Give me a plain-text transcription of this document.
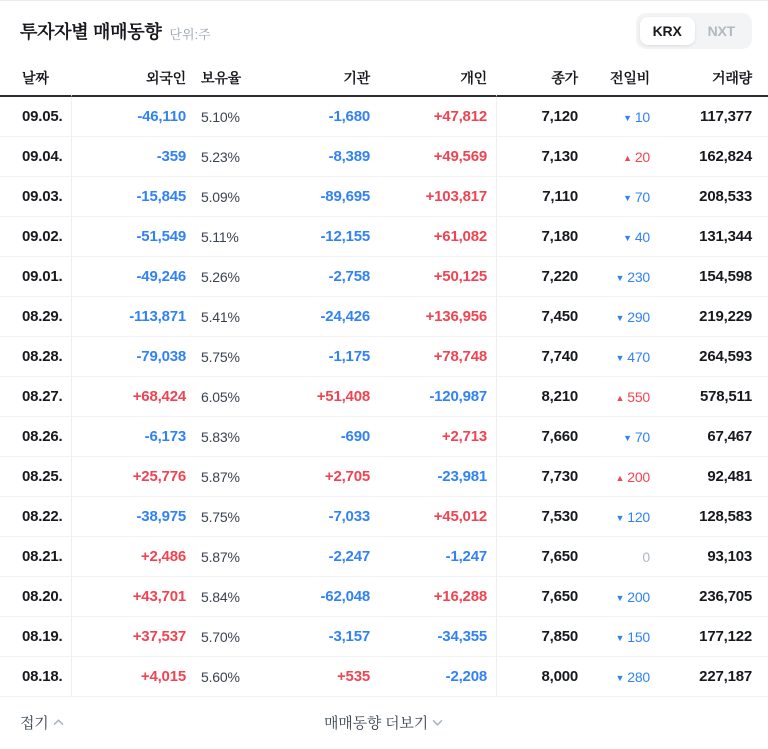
투자자별 매매동향 단위:주	KRX	NXT
날짜	외국인	보유율	기관	개인	종가	전일비	거래량
09.05.	-46,110	5.10%	-1,680	+47,812	7,120	▼ 10	117,377
09.04.	-359	5.23%	-8,389	+49,569	7,130	▲ 20	162,824
09.03.	-15,845	5.09%	-89,695	+103,817	7,110	▼ 70	208,533
09.02.	-51,549	5.11%	-12,155	+61,082	7,180	▼ 40	131,344
09.01.	-49,246	5.26%	-2,758	+50,125	7,220	▼ 230	154,598
08.29.	-113,871	5.41%	-24,426	+136,956	7,450	▼ 290	219,229
08.28.	-79,038	5.75%	-1,175	+78,748	7,740	▼ 470	264,593
08.27.	+68,424	6.05%	+51,408	-120,987	8,210	▲ 550	578,511
08.26.	-6,173	5.83%	-690	+2,713	7,660	▼ 70	67,467
08.25.	+25,776	5.87%	+2,705	-23,981	7,730	▲ 200	92,481
08.22.	-38,975	5.75%	-7,033	+45,012	7,530	▼ 120	128,583
08.21.	+2,486	5.87%	-2,247	-1,247	7,650	0	93,103
08.20.	+43,701	5.84%	-62,048	+16,288	7,650	▼ 200	236,705
08.19.	+37,537	5.70%	-3,157	-34,355	7,850	▼ 150	177,122
08.18.	+4,015	5.60%	+535	-2,208	8,000	▼ 280	227,187
접기	매매동향 더보기
